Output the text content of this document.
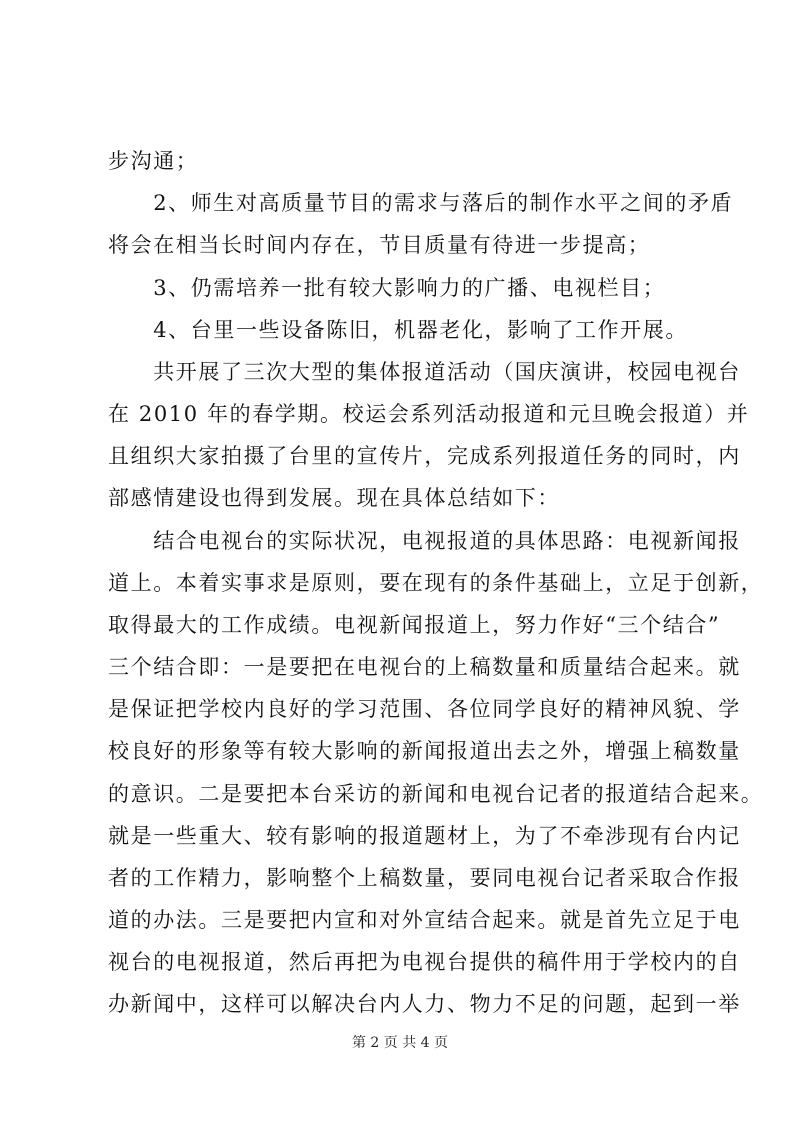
步沟通；
　　2、师生对高质量节目的需求与落后的制作水平之间的矛盾
将会在相当长时间内存在，节目质量有待进一步提高；
　　3、仍需培养一批有较大影响力的广播、电视栏目；
　　4、台里一些设备陈旧，机器老化，影响了工作开展。
　　共开展了三次大型的集体报道活动（国庆演讲，校园电视台
在 2010 年的春学期。校运会系列活动报道和元旦晚会报道）并
且组织大家拍摄了台里的宣传片，完成系列报道任务的同时，内
部感情建设也得到发展。现在具体总结如下：
　　结合电视台的实际状况，电视报道的具体思路：电视新闻报
道上。本着实事求是原则，要在现有的条件基础上，立足于创新，
取得最大的工作成绩。电视新闻报道上，努力作好“三个结合”
三个结合即：一是要把在电视台的上稿数量和质量结合起来。就
是保证把学校内良好的学习范围、各位同学良好的精神风貌、学
校良好的形象等有较大影响的新闻报道出去之外，增强上稿数量
的意识。二是要把本台采访的新闻和电视台记者的报道结合起来。
就是一些重大、较有影响的报道题材上，为了不牵涉现有台内记
者的工作精力，影响整个上稿数量，要同电视台记者采取合作报
道的办法。三是要把内宣和对外宣结合起来。就是首先立足于电
视台的电视报道，然后再把为电视台提供的稿件用于学校内的自
办新闻中，这样可以解决台内人力、物力不足的问题，起到一举
第 2 页 共 4 页
